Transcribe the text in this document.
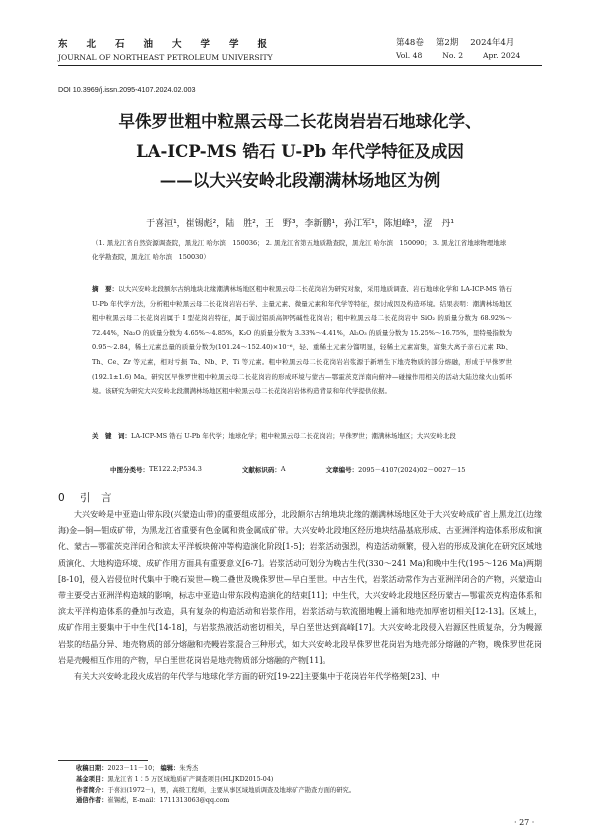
东北石油大学学报
JOURNAL OF NORTHEAST PETROLEUM UNIVERSITY
第48卷 第2期 2024年4月
Vol. 48	No. 2	Apr. 2024
DOI 10.3969/j.issn.2095-4107.2024.02.003
早侏罗世粗中粒黑云母二长花岗岩岩石地球化学、
LA-ICP-MS 锆石 U-Pb 年代学特征及成因
——以大兴安岭北段潮满林场地区为例
于喜洹¹，崔锡彪²，陆　胜²，王　野³，李新鹏¹，孙江军¹，陈旭峰³，涩　丹¹
（1. 黑龙江省自然资源调查院，黑龙江 哈尔滨　150036； 2. 黑龙江省第五地质勘查院，黑龙江 哈尔滨　150090； 3. 黑龙江省地球物理地球化学勘查院，黑龙江 哈尔滨　150030）
摘　要：以大兴安岭北段额尔古纳地块北缘潮满林场地区粗中粒黑云母二长花岗岩为研究对象，采用地质调查、岩石地球化学和 LA-ICP-MS 锆石 U-Pb 年代学方法，分析粗中粒黑云母二长花岗岩岩石学、主量元素、微量元素和年代学等特征，探讨成因及构造环境。结果表明：潮满林场地区粗中粒黑云母二长花岗岩属于 I 型花岗岩特征，属于弱过铝质高钾钙碱性花岗岩；粗中粒黑云母二长花岗岩中 SiO₂ 的质量分数为 68.92%～72.44%，Na₂O 的质量分数为 4.65%～4.85%，K₂O 的质量分数为 3.33%～4.41%，Al₂O₃ 的质量分数为 15.25%～16.75%，里特曼指数为 0.95～2.84，稀土元素总量的质量分数为(101.24～152.40)×10⁻⁶，轻、重稀土元素分馏明显，轻稀土元素富集，富集大离子亲石元素 Rb、Th、Ce、Zr 等元素，相对亏损 Ta、Nb、P、Ti 等元素。粗中粒黑云母二长花岗岩岩浆源于新增生下地壳物质的部分熔融，形成于早侏罗世(192.1±1.6) Ma。研究区早侏罗世粗中粒黑云母二长花岗岩的形成环境与蒙古—鄂霍茨克洋南向俯冲—碰撞作用相关的活动大陆边缘火山弧环境。该研究为研究大兴安岭北段潮满林场地区粗中粒黑云母二长花岗岩岩体构造背景和年代学提供依据。
关　键　词：LA-ICP-MS 锆石 U-Pb 年代学；地球化学；粗中粒黑云母二长花岗岩；早侏罗世；潮满林场地区；大兴安岭北段
中图分类号： TE122.2;P534.3	文献标识码： A	文章编号： 2095－4107(2024)02－0027－15
0 引　言

大兴安岭是中亚造山带东段(兴蒙造山带)的重要组成部分，北段额尔古纳地块北缘的潮满林场地区处于大兴安岭成矿省上黑龙江(边缘海)金—铜—钼成矿带，为黑龙江省重要有色金属和贵金属成矿带。大兴安岭北段地区经历地块结晶基底形成、古亚洲洋构造体系形成和演化、蒙古—鄂霍茨克洋闭合和滨太平洋板块俯冲等构造演化阶段[1-5]；岩浆活动强烈，构造活动频繁，侵入岩的形成及演化在研究区域地质演化、大地构造环境、成矿作用方面具有重要意义[6-7]。岩浆活动可划分为晚古生代(330～241 Ma)和晚中生代(195～126 Ma)两期[8-10]，侵入岩侵位时代集中于晚石炭世—晚二叠世及晚侏罗世—早白垩世。中古生代，岩浆活动常作为古亚洲洋闭合的产物，兴蒙造山带主要受古亚洲洋构造域的影响，标志中亚造山带东段构造演化的结束[11]；中生代，大兴安岭北段地区经历蒙古—鄂霍茨克构造体系和滨太平洋构造体系的叠加与改造，具有复杂的构造活动和岩浆作用，岩浆活动与软流圈地幔上涌和地壳加厚密切相关[12-13]。区域上，成矿作用主要集中于中生代[14-18]，与岩浆热液活动密切相关，早白垩世达到高峰[17]。大兴安岭北段侵入岩源区性质复杂，分为幔源岩浆的结晶分异、地壳物质的部分熔融和壳幔岩浆混合三种形式，如大兴安岭北段早侏罗世花岗岩为地壳部分熔融的产物，晚侏罗世花岗岩是壳幔相互作用的产物，早白垩世花岗岩是地壳物质部分熔融的产物[11]。

有关大兴安岭北段火成岩的年代学与地球化学方面的研究[19-22]主要集中于花岗岩年代学格架[23]、中

收稿日期：2023－11－10； 编辑：朱秀杰
基金项目：黑龙江省 1∶5 万区域地质矿产调查项目(HLJKD2015-04)
作者简介：于喜洹(1972－)，男，高级工程师，主要从事区域地质调查及地球矿产勘查方面的研究。
通信作者：崔锡彪，E-mail：1711313063@qq.com
· 27 ·
